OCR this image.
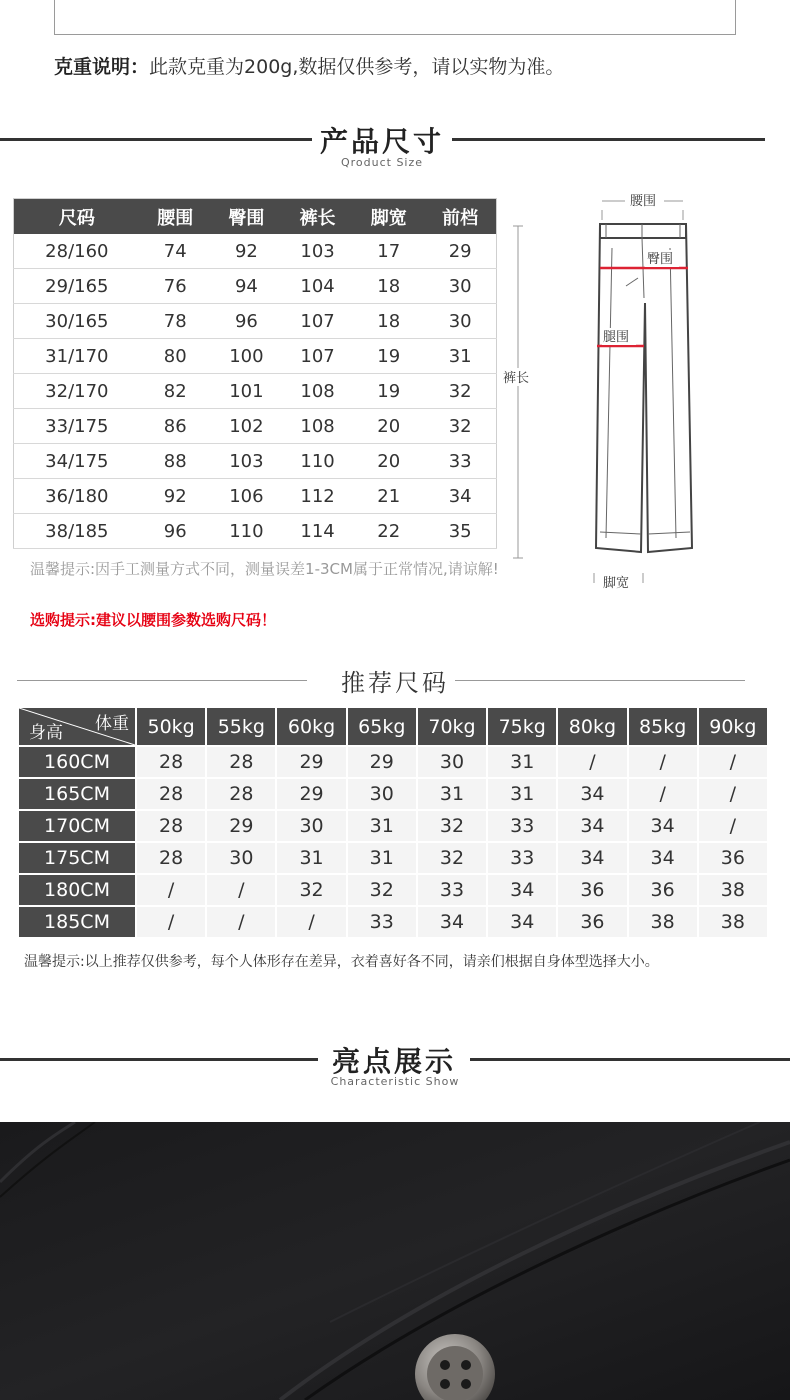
克重说明：此款克重为200g,数据仅供参考，请以实物为准。
产品尺寸
Qroduct Size
尺码	腰围	臀围	裤长	脚宽	前档
28/160	74	92	103	17	29
29/165	76	94	104	18	30
30/165	78	96	107	18	30
31/170	80	100	107	19	31
32/170	82	101	108	19	32
33/175	86	102	108	20	32
34/175	88	103	110	20	33
36/180	92	106	112	21	34
38/185	96	110	114	22	35
温馨提示:因手工测量方式不同，测量误差1-3CM属于正常情况,请谅解!
选购提示:建议以腰围参数选购尺码！
腰围
臀围
腿围
裤长
脚宽
推荐尺码
体重
身高	50kg	55kg	60kg	65kg	70kg	75kg	80kg	85kg	90kg
160CM	28	28	29	29	30	31	/	/	/
165CM	28	28	29	30	31	31	34	/	/
170CM	28	29	30	31	32	33	34	34	/
175CM	28	30	31	31	32	33	34	34	36
180CM	/	/	32	32	33	34	36	36	38
185CM	/	/	/	33	34	34	36	38	38
温馨提示:以上推荐仅供参考，每个人体形存在差异，衣着喜好各不同，请亲们根据自身体型选择大小。
亮点展示
Characteristic Show
